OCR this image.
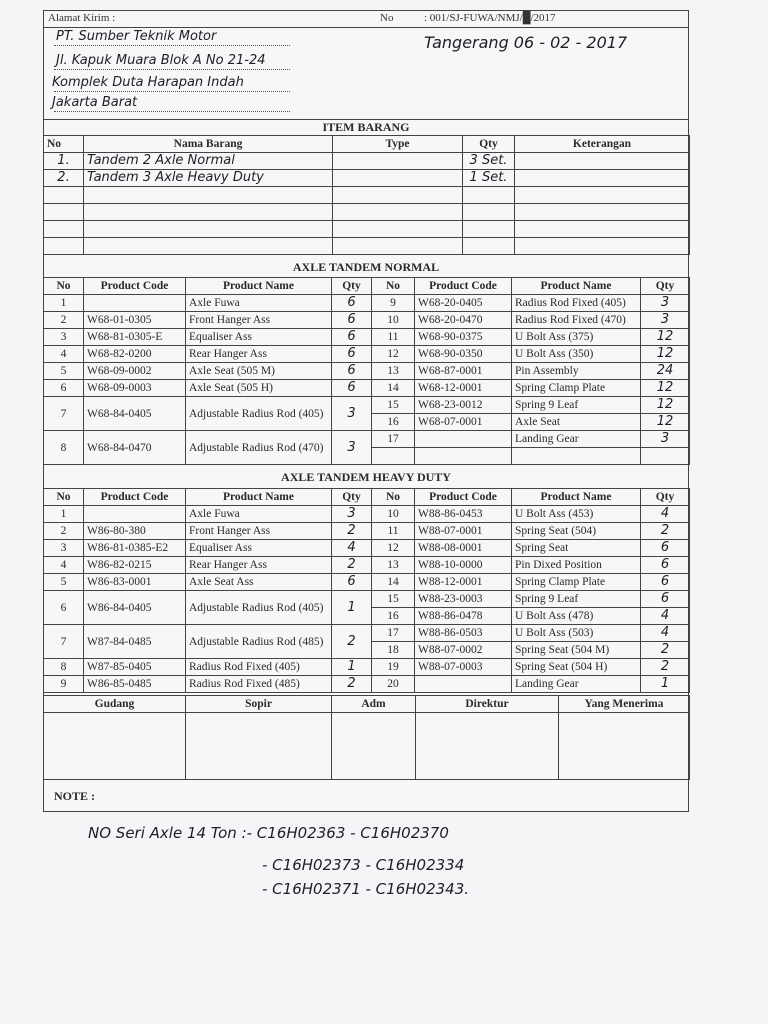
Alamat Kirim :	No	: 001/SJ-FUWA/NMJ/█/2017
PT. Sumber Teknik Motor
Jl. Kapuk Muara Blok A No 21-24
Komplek Duta Harapan Indah
Jakarta Barat
Tangerang 06 - 02 - 2017
ITEM BARANG
No	Nama Barang	Type	Qty	Keterangan
1.	Tandem 2 Axle Normal		3 Set.	
2.	Tandem 3 Axle Heavy Duty		1 Set.	

AXLE TANDEM NORMAL
No	Product Code	Product Name	Qty	No	Product Code	Product Name	Qty
1		Axle Fuwa	6	9	W68-20-0405	Radius Rod Fixed (405)	3
2	W68-01-0305	Front Hanger Ass	6	10	W68-20-0470	Radius Rod Fixed (470)	3
3	W68-81-0305-E	Equaliser Ass	6	11	W68-90-0375	U Bolt Ass (375)	12
4	W68-82-0200	Rear Hanger Ass	6	12	W68-90-0350	U Bolt Ass (350)	12
5	W68-09-0002	Axle Seat (505 M)	6	13	W68-87-0001	Pin Assembly	24
6	W68-09-0003	Axle Seat (505 H)	6	14	W68-12-0001	Spring Clamp Plate	12
7	W68-84-0405	Adjustable Radius Rod (405)	3	15	W68-23-0012	Spring 9 Leaf	12
				16	W68-07-0001	Axle Seat	12
8	W68-84-0470	Adjustable Radius Rod (470)	3	17		Landing Gear	3

AXLE TANDEM HEAVY DUTY
No	Product Code	Product Name	Qty	No	Product Code	Product Name	Qty
1		Axle Fuwa	3	10	W88-86-0453	U Bolt Ass (453)	4
2	W86-80-380	Front Hanger Ass	2	11	W88-07-0001	Spring Seat (504)	2
3	W86-81-0385-E2	Equaliser Ass	4	12	W88-08-0001	Spring Seat	6
4	W86-82-0215	Rear Hanger Ass	2	13	W88-10-0000	Pin Dixed Position	6
5	W86-83-0001	Axle Seat Ass	6	14	W88-12-0001	Spring Clamp Plate	6
6	W86-84-0405	Adjustable Radius Rod (405)	1	15	W88-23-0003	Spring 9 Leaf	6
				16	W88-86-0478	U Bolt Ass (478)	4
7	W87-84-0485	Adjustable Radius Rod (485)	2	17	W88-86-0503	U Bolt Ass (503)	4
				18	W88-07-0002	Spring Seat (504 M)	2
8	W87-85-0405	Radius Rod Fixed (405)	1	19	W88-07-0003	Spring Seat (504 H)	2
9	W86-85-0485	Radius Rod Fixed (485)	2	20		Landing Gear	1
Gudang	Sopir	Adm	Direktur	Yang Menerima

NOTE :
NO Seri Axle 14 Ton :- C16H02363 - C16H02370
- C16H02373 - C16H02334
- C16H02371 - C16H02343.
